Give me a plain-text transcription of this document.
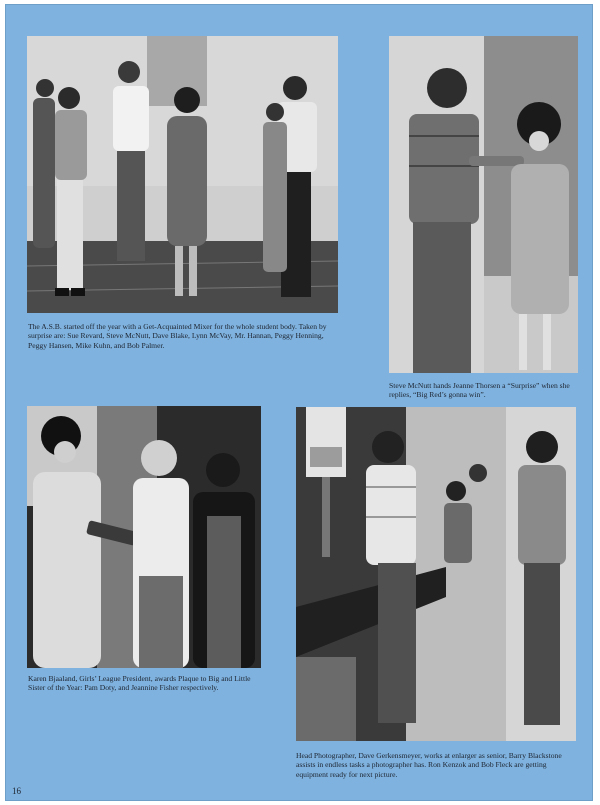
The A.S.B. started off the year with a Get-Acquainted Mixer for the whole student body. Taken by surprise are: Sue Revard, Steve McNutt, Dave Blake, Lynn McVay, Mr. Hannan, Peggy Henning, Peggy Hansen, Mike Kuhn, and Bob Palmer.

Steve McNutt hands Jeanne Thorsen a “Surprise” when she replies, “Big Red’s gonna win”.

Karen Bjaaland, Girls’ League President, awards Plaque to Big and Little Sister of the Year: Pam Doty, and Jeannine Fisher respectively.

Head Photographer, Dave Gerkensmeyer, works at enlarger as senior, Barry Blackstone assists in endless tasks a photographer has. Ron Kenzok and Bob Fleck are getting equipment ready for next picture.

16
